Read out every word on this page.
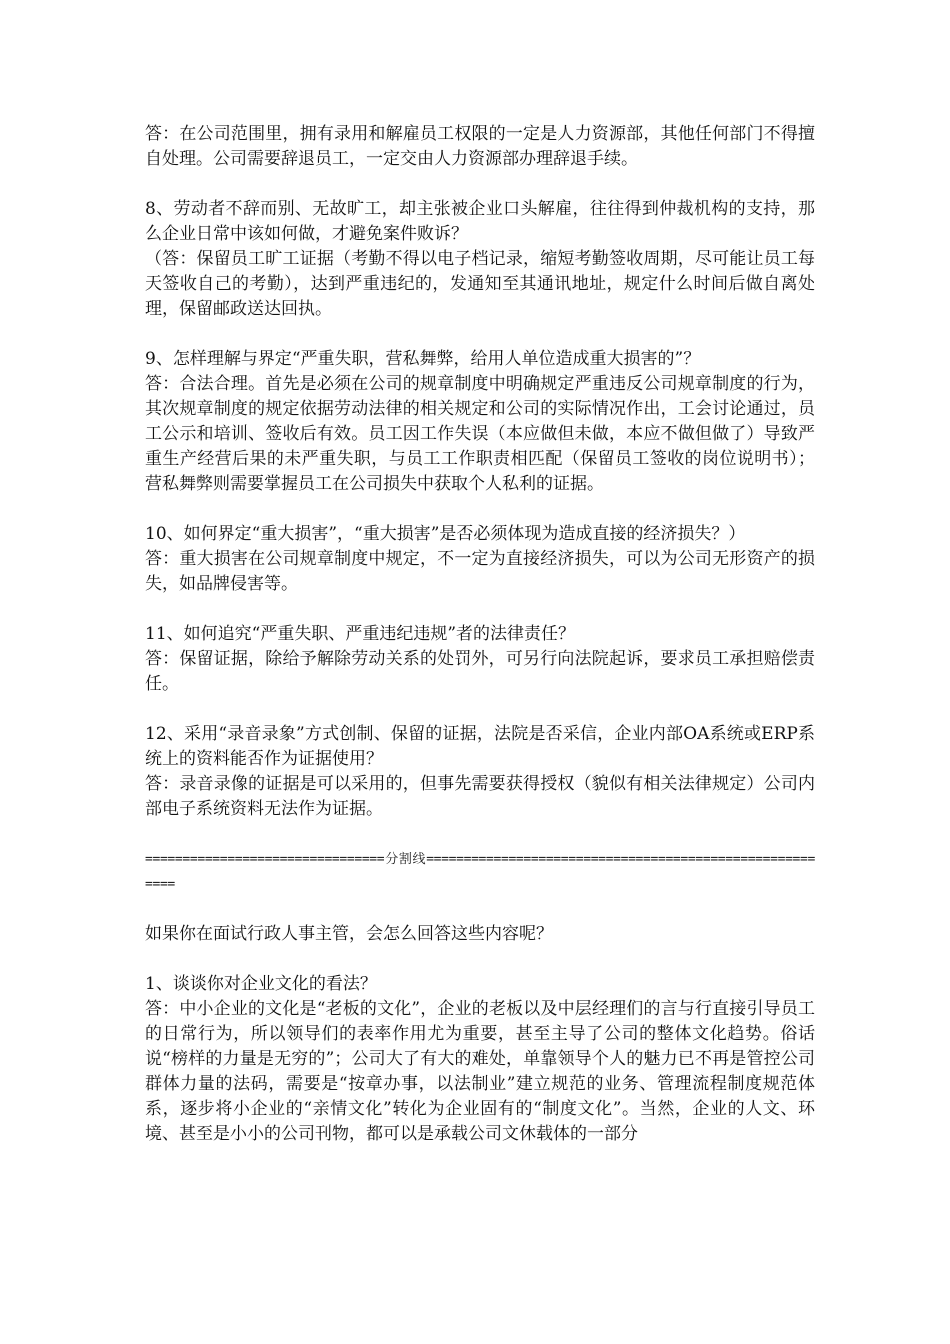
答：在公司范围里，拥有录用和解雇员工权限的一定是人力资源部，其他任何部门不得擅自处理。公司需要辞退员工，一定交由人力资源部办理辞退手续。

8、劳动者不辞而别、无故旷工，却主张被企业口头解雇，往往得到仲裁机构的支持，那么企业日常中该如何做，才避免案件败诉？

（答：保留员工旷工证据（考勤不得以电子档记录，缩短考勤签收周期，尽可能让员工每天签收自己的考勤），达到严重违纪的，发通知至其通讯地址，规定什么时间后做自离处理，保留邮政送达回执。

9、怎样理解与界定“严重失职，营私舞弊，给用人单位造成重大损害的”？

答：合法合理。首先是必须在公司的规章制度中明确规定严重违反公司规章制度的行为，其次规章制度的规定依据劳动法律的相关规定和公司的实际情况作出，工会讨论通过，员工公示和培训、签收后有效。员工因工作失误（本应做但未做，本应不做但做了）导致严重生产经营后果的未严重失职，与员工工作职责相匹配（保留员工签收的岗位说明书）；营私舞弊则需要掌握员工在公司损失中获取个人私利的证据。

10、如何界定“重大损害”，“重大损害”是否必须体现为造成直接的经济损失？）

答：重大损害在公司规章制度中规定，不一定为直接经济损失，可以为公司无形资产的损失，如品牌侵害等。

11、如何追究“严重失职、严重违纪违规”者的法律责任？

答：保留证据，除给予解除劳动关系的处罚外，可另行向法院起诉，要求员工承担赔偿责任。

12、采用“录音录象”方式创制、保留的证据，法院是否采信，企业内部OA系统或ERP系统上的资料能否作为证据使用？

答：录音录像的证据是可以采用的，但事先需要获得授权（貌似有相关法律规定）公司内部电子系统资料无法作为证据。

================================分割线========================================================

如果你在面试行政人事主管，会怎么回答这些内容呢？

1、谈谈你对企业文化的看法？

答：中小企业的文化是“老板的文化”，企业的老板以及中层经理们的言与行直接引导员工的日常行为，所以领导们的表率作用尤为重要，甚至主导了公司的整体文化趋势。俗话说“榜样的力量是无穷的”；公司大了有大的难处，单靠领导个人的魅力已不再是管控公司群体力量的法码，需要是“按章办事，以法制业”建立规范的业务、管理流程制度规范体系，逐步将小企业的“亲情文化”转化为企业固有的“制度文化”。当然，企业的人文、环境、甚至是小小的公司刊物，都可以是承载公司文休载体的一部分
